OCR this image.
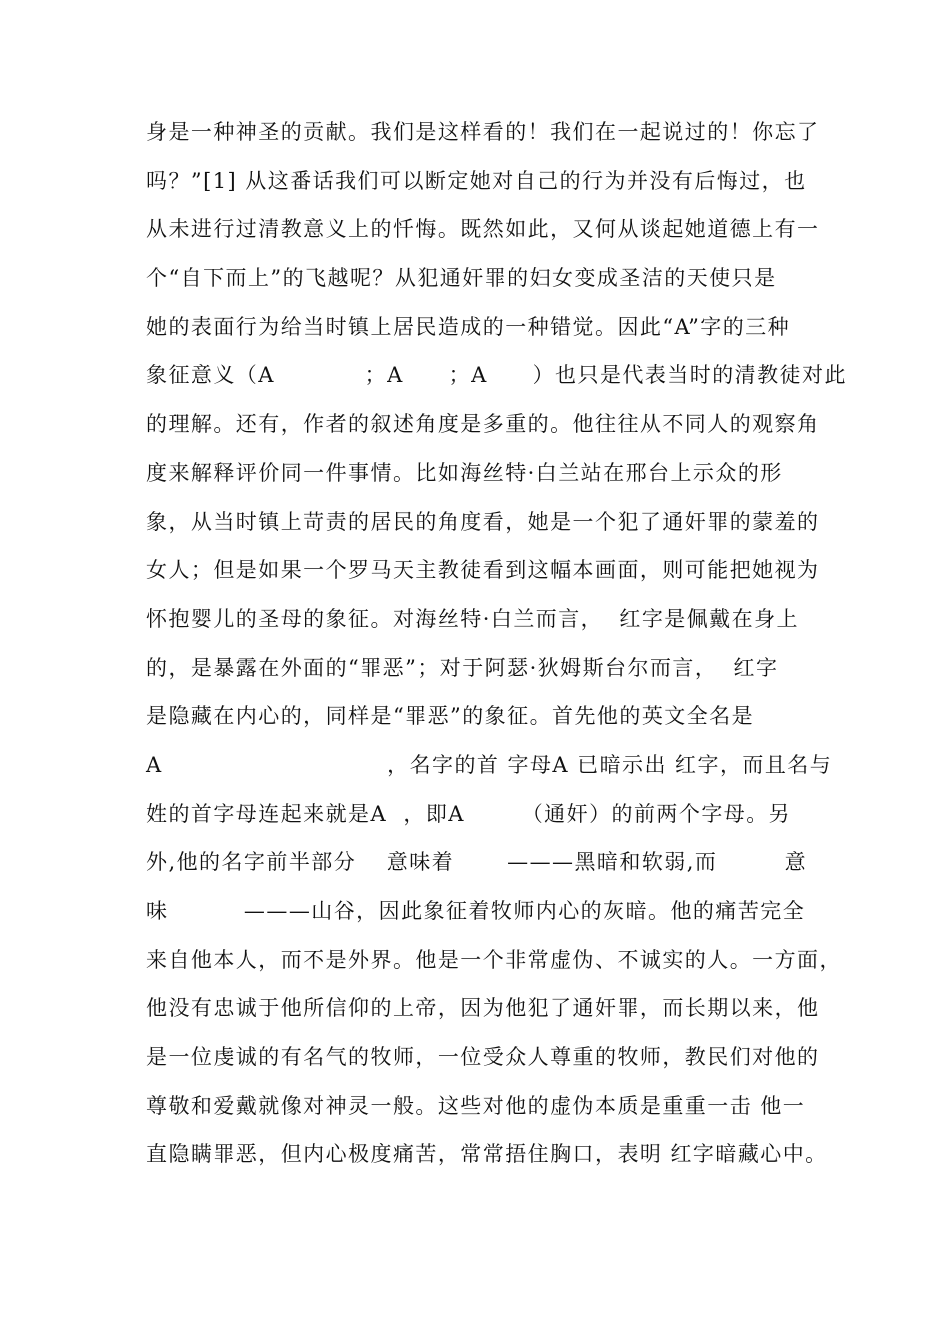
身是一种神圣的贡献。我们是这样看的！我们在一起说过的！你忘了
吗？”[1] 从这番话我们可以断定她对自己的行为并没有后悔过，也
从未进行过清教意义上的忏悔。既然如此，又何从谈起她道德上有一
个“自下而上”的飞越呢？从犯通奸罪的妇女变成圣洁的天使只是
她的表面行为给当时镇上居民造成的一种错觉。因此“A”字的三种
象征意义（A　　　　；A　　；A　　）也只是代表当时的清教徒对此
的理解。还有，作者的叙述角度是多重的。他往往从不同人的观察角
度来解释评价同一件事情。比如海丝特·白兰站在邢台上示众的形
象，从当时镇上苛责的居民的角度看，她是一个犯了通奸罪的蒙羞的
女人；但是如果一个罗马天主教徒看到这幅本画面，则可能把她视为
怀抱婴儿的圣母的象征。对海丝特·白兰而言，  红字是佩戴在身上
的，是暴露在外面的“罪恶”；对于阿瑟·狄姆斯台尔而言，  红字
是隐藏在内心的，同样是“罪恶”的象征。首先他的英文全名是
A　　　　　　　　　　，名字的首 字母A 已暗示出 红字，而且名与
姓的首字母连起来就是A  ，即A　　　（通奸）的前两个字母。另
外,他的名字前半部分　 意味着　　 ———黑暗和软弱,而　　　意
味　　　 ———山谷，因此象征着牧师内心的灰暗。他的痛苦完全
来自他本人，而不是外界。他是一个非常虚伪、不诚实的人。一方面，
他没有忠诚于他所信仰的上帝，因为他犯了通奸罪，而长期以来，他
是一位虔诚的有名气的牧师，一位受众人尊重的牧师，教民们对他的
尊敬和爱戴就像对神灵一般。这些对他的虚伪本质是重重一击 他一
直隐瞒罪恶，但内心极度痛苦，常常捂住胸口，表明 红字暗藏心中。
